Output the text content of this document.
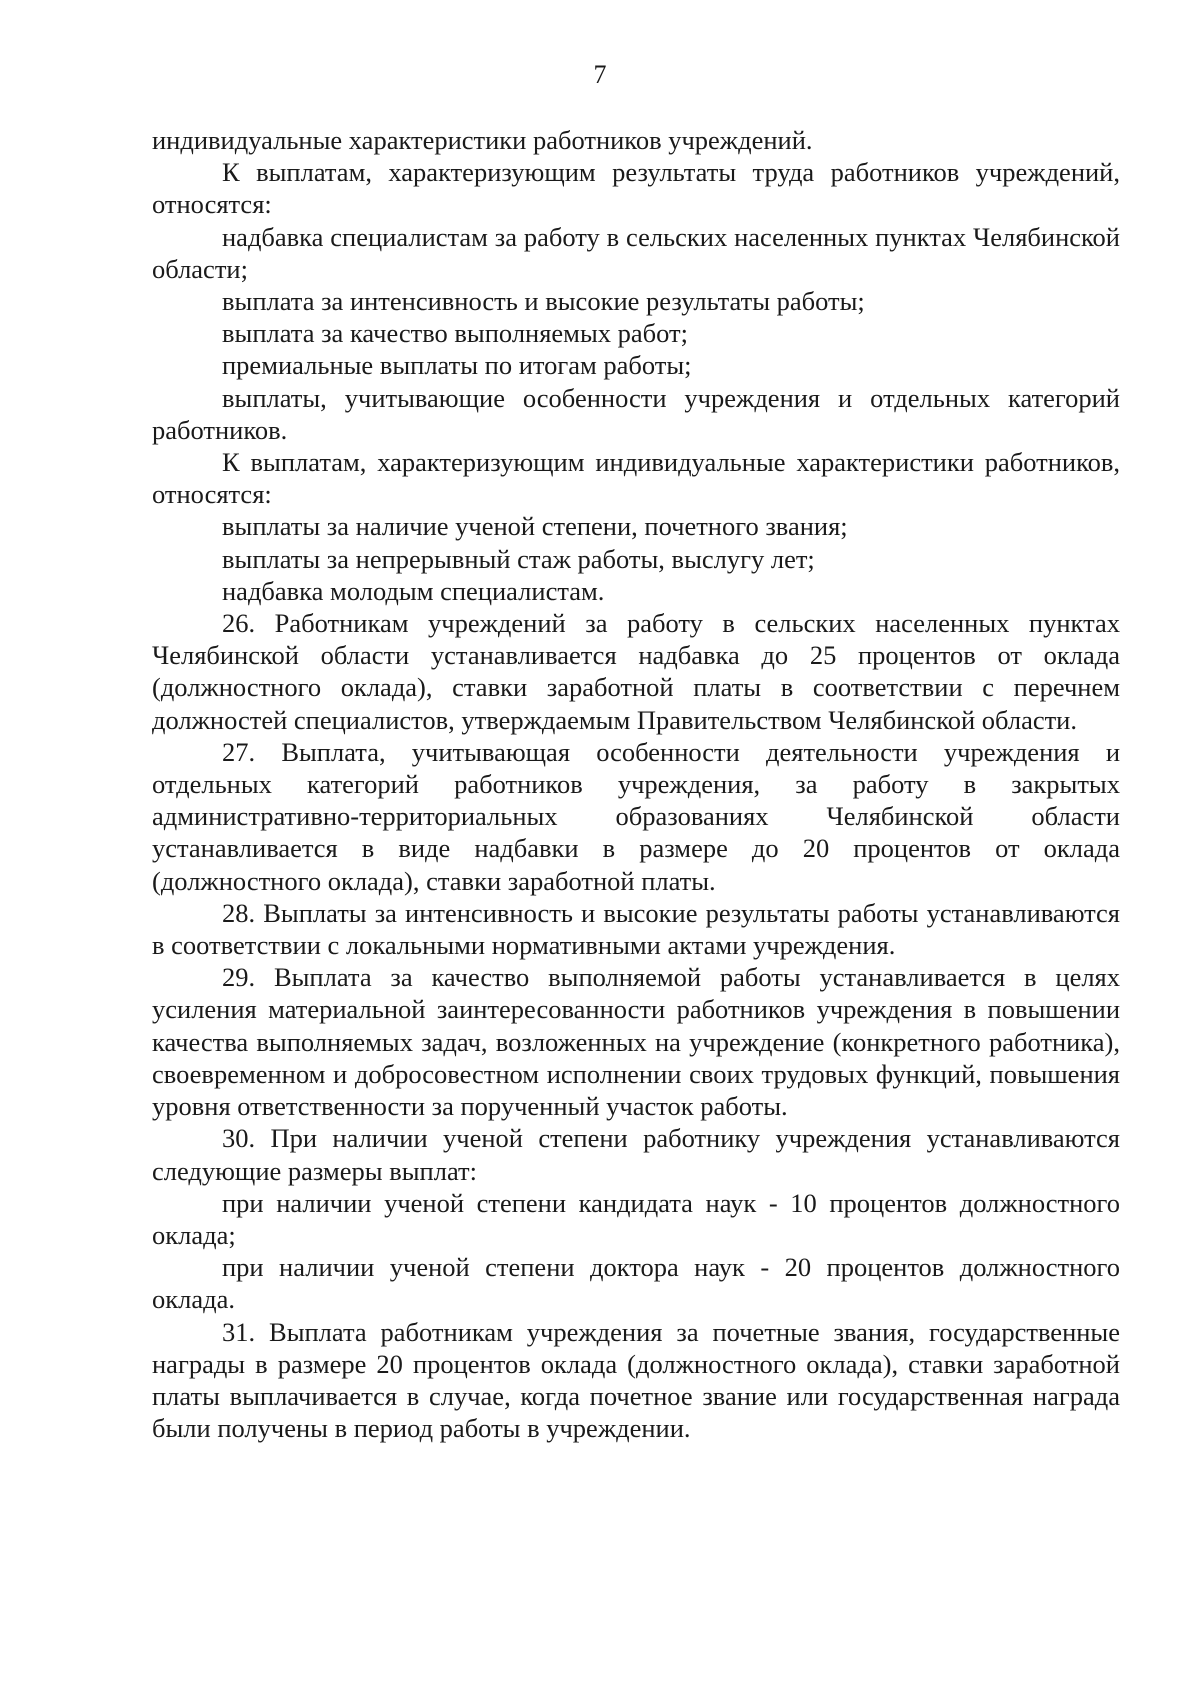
7

индивидуальные характеристики работников учреждений.

К выплатам, характеризующим результаты труда работников учреждений, относятся:

надбавка специалистам за работу в сельских населенных пунктах Челябинской области;

выплата за интенсивность и высокие результаты работы;

выплата за качество выполняемых работ;

премиальные выплаты по итогам работы;

выплаты, учитывающие особенности учреждения и отдельных категорий работников.

К выплатам, характеризующим индивидуальные характеристики работников, относятся:

выплаты за наличие ученой степени, почетного звания;

выплаты за непрерывный стаж работы, выслугу лет;

надбавка молодым специалистам.

26. Работникам учреждений за работу в сельских населенных пунктах Челябинской области устанавливается надбавка до 25 процентов от оклада (должностного оклада), ставки заработной платы в соответствии с перечнем должностей специалистов, утверждаемым Правительством Челябинской области.

27. Выплата, учитывающая особенности деятельности учреждения и отдельных категорий работников учреждения, за работу в закрытых административно-территориальных образованиях Челябинской области устанавливается в виде надбавки в размере до 20 процентов от оклада (должностного оклада), ставки заработной платы.

28. Выплаты за интенсивность и высокие результаты работы устанавливаются в соответствии с локальными нормативными актами учреждения.

29. Выплата за качество выполняемой работы устанавливается в целях усиления материальной заинтересованности работников учреждения в повышении качества выполняемых задач, возложенных на учреждение (конкретного работника), своевременном и добросовестном исполнении своих трудовых функций, повышения уровня ответственности за порученный участок работы.

30. При наличии ученой степени работнику учреждения устанавливаются следующие размеры выплат:

при наличии ученой степени кандидата наук - 10 процентов должностного оклада;

при наличии ученой степени доктора наук - 20 процентов должностного оклада.

31. Выплата работникам учреждения за почетные звания, государственные награды в размере 20 процентов оклада (должностного оклада), ставки заработной платы выплачивается в случае, когда почетное звание или государственная награда были получены в период работы в учреждении.
